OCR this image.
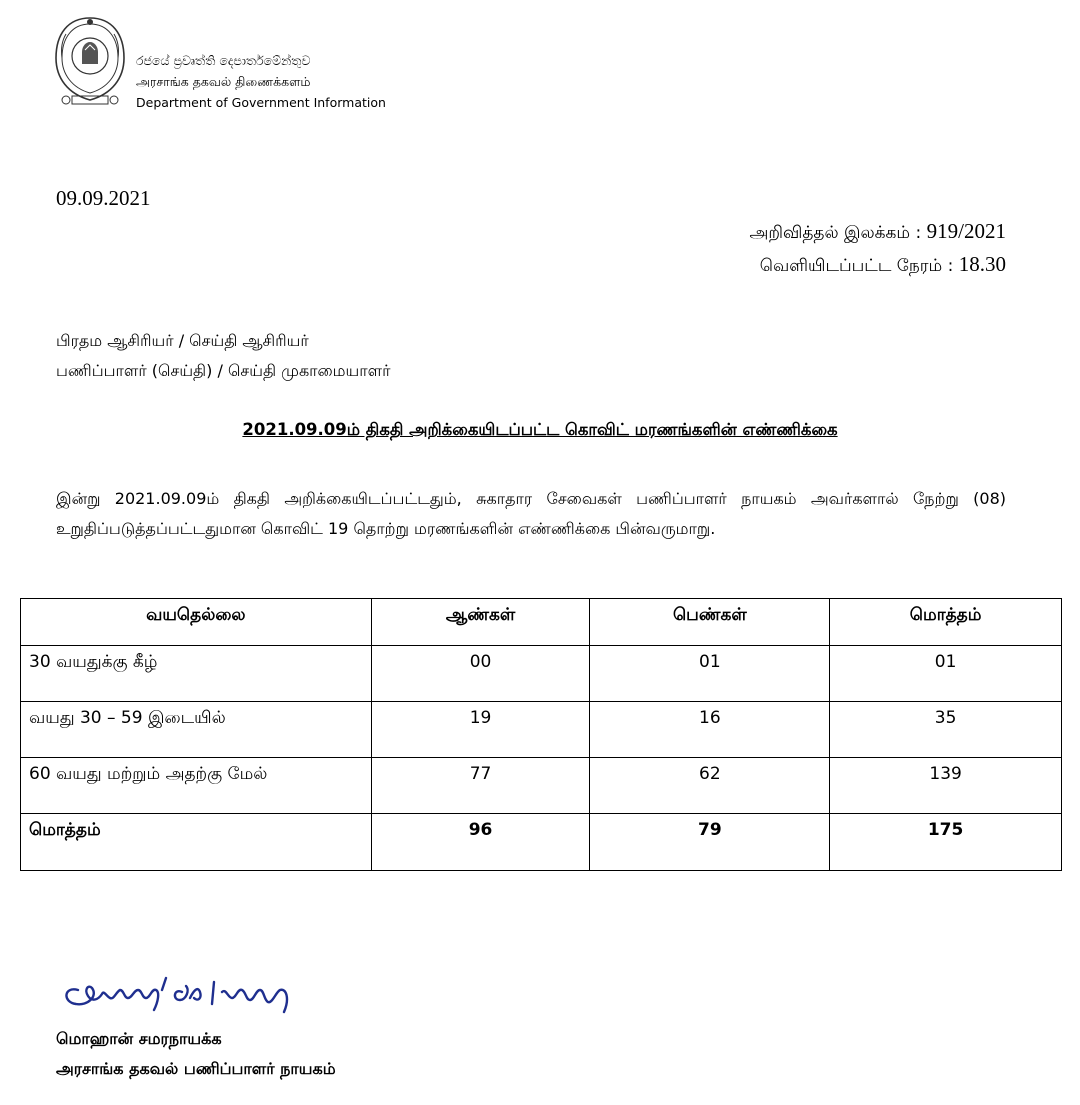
රජයේ ප්‍රවෘත්ති දෙපාර්තමේන්තුව
அரசாங்க தகவல் திணைக்களம்
Department of Government Information
09.09.2021
அறிவித்தல் இலக்கம் : 919/2021
வெளியிடப்பட்ட நேரம் : 18.30
பிரதம ஆசிரியர் / செய்தி ஆசிரியர்
பணிப்பாளர் (செய்தி) / செய்தி முகாமையாளர்
2021.09.09ம் திகதி அறிக்கையிடப்பட்ட கொவிட் மரணங்களின் எண்ணிக்கை
இன்று 2021.09.09ம் திகதி அறிக்கையிடப்பட்டதும், சுகாதார சேவைகள் பணிப்பாளர் நாயகம் அவர்களால் நேற்று (08) உறுதிப்படுத்தப்பட்டதுமான கொவிட் 19 தொற்று மரணங்களின் எண்ணிக்கை பின்வருமாறு.
வயதெல்லை	ஆண்கள்	பெண்கள்	மொத்தம்
30 வயதுக்கு கீழ்	00	01	01
வயது 30 – 59 இடையில்	19	16	35
60 வயது மற்றும் அதற்கு மேல்	77	62	139
மொத்தம்	96	79	175
மொஹான் சமரநாயக்க
அரசாங்க தகவல் பணிப்பாளர் நாயகம்
